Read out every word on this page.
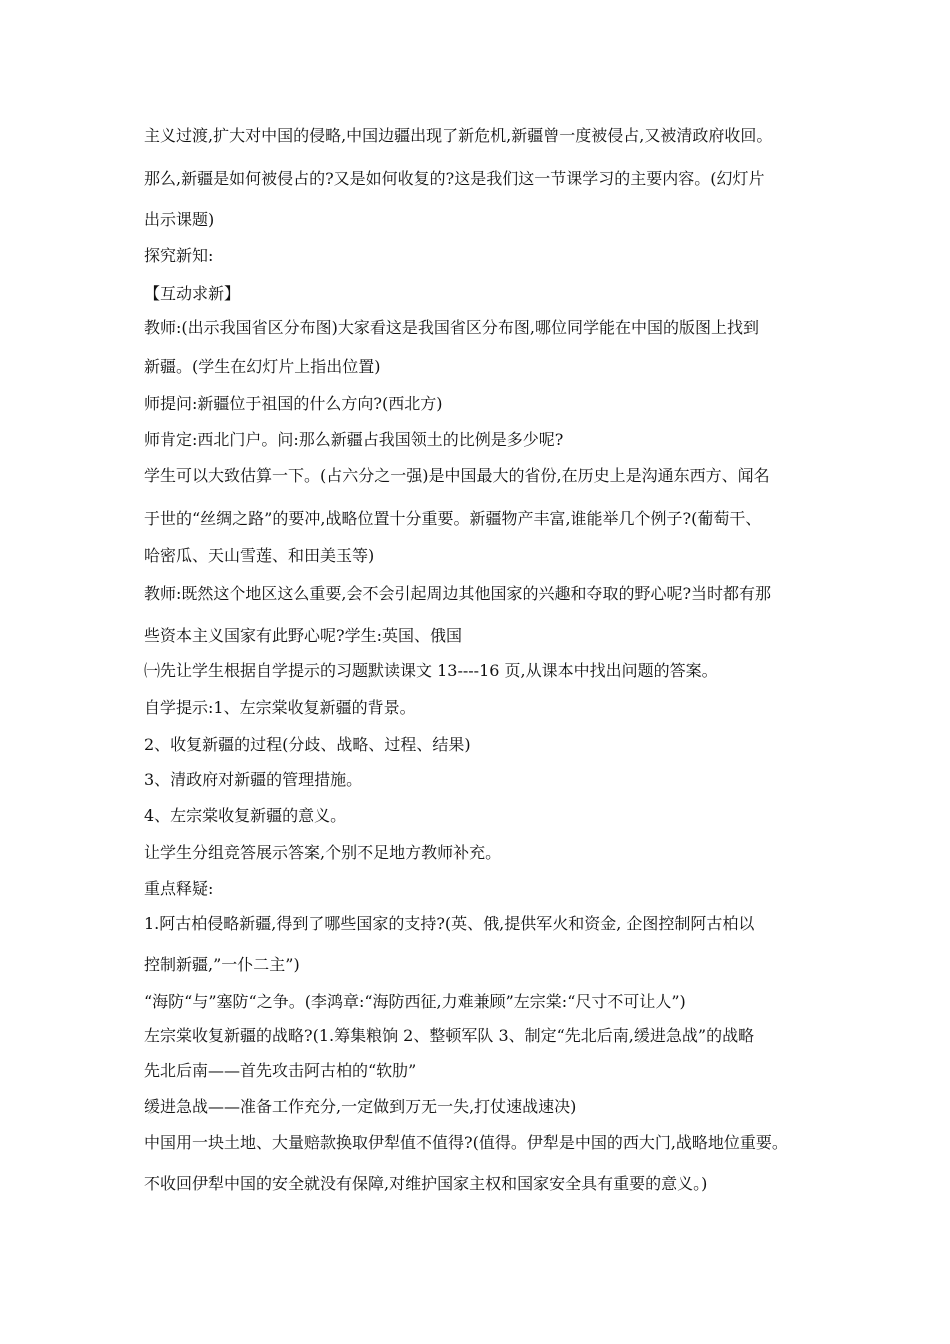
主义过渡,扩大对中国的侵略,中国边疆出现了新危机,新疆曾一度被侵占,又被清政府收回。
那么,新疆是如何被侵占的?又是如何收复的?这是我们这一节课学习的主要内容。(幻灯片
出示课题)
探究新知:
【互动求新】
教师:(出示我国省区分布图)大家看这是我国省区分布图,哪位同学能在中国的版图上找到
新疆。(学生在幻灯片上指出位置)
师提问:新疆位于祖国的什么方向?(西北方)
师肯定:西北门户。问:那么新疆占我国领土的比例是多少呢?
学生可以大致估算一下。(占六分之一强)是中国最大的省份,在历史上是沟通东西方、闻名
于世的“丝绸之路”的要冲,战略位置十分重要。新疆物产丰富,谁能举几个例子?(葡萄干、
哈密瓜、天山雪莲、和田美玉等)
教师:既然这个地区这么重要,会不会引起周边其他国家的兴趣和夺取的野心呢?当时都有那
些资本主义国家有此野心呢?学生:英国、俄国
㈠先让学生根据自学提示的习题默读课文 13----16 页,从课本中找出问题的答案。
自学提示:1、左宗棠收复新疆的背景。
2、收复新疆的过程(分歧、战略、过程、结果)
3、清政府对新疆的管理措施。
4、左宗棠收复新疆的意义。
让学生分组竞答展示答案,个别不足地方教师补充。
重点释疑:
1.阿古柏侵略新疆,得到了哪些国家的支持?(英、俄,提供军火和资金, 企图控制阿古柏以
控制新疆,”一仆二主”)
“海防“与”塞防“之争。(李鸿章:“海防西征,力难兼顾”左宗棠:“尺寸不可让人”)
左宗棠收复新疆的战略?(1.筹集粮饷 2、整顿军队 3、制定“先北后南,缓进急战”的战略
先北后南——首先攻击阿古柏的“软肋”
缓进急战——准备工作充分,一定做到万无一失,打仗速战速决)
中国用一块土地、大量赔款换取伊犁值不值得?(值得。伊犁是中国的西大门,战略地位重要。
不收回伊犁中国的安全就没有保障,对维护国家主权和国家安全具有重要的意义。)
